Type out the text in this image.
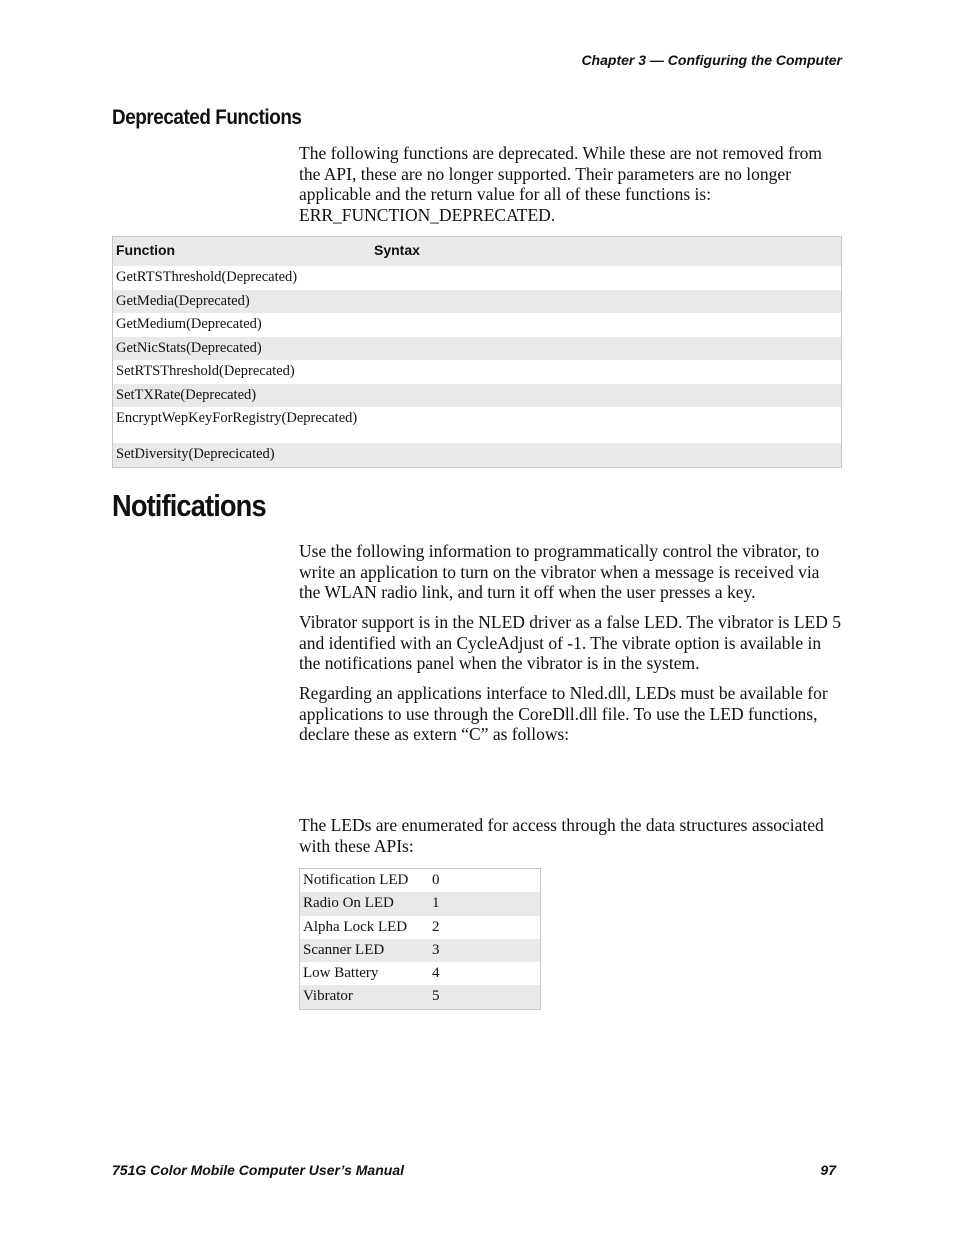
Chapter 3 — Configuring the Computer
Deprecated Functions

The following functions are deprecated. While these are not removed from the API, these are no longer supported. Their parameters are no longer applicable and the return value for all of these functions is: ERR_FUNCTION_DEPRECATED.

Function	Syntax
GetRTSThreshold(Deprecated)
GetMedia(Deprecated)
GetMedium(Deprecated)
GetNicStats(Deprecated)
SetRTSThreshold(Deprecated)
SetTXRate(Deprecated)
EncryptWepKeyForRegistry(Deprecated)
SetDiversity(Deprecicated)
Notifications

Use the following information to programmatically control the vibrator, to write an application to turn on the vibrator when a message is received via the WLAN radio link, and turn it off when the user presses a key.

Vibrator support is in the NLED driver as a false LED. The vibrator is LED 5 and identified with an CycleAdjust of -1. The vibrate option is available in the notifications panel when the vibrator is in the system.

Regarding an applications interface to Nled.dll, LEDs must be available for applications to use through the CoreDll.dll file. To use the LED functions, declare these as extern “C” as follows:

The LEDs are enumerated for access through the data structures associated with these APIs:

Notification LED 0
Radio On LED	1
Alpha Lock LED 2
Scanner LED	3
Low Battery	4
Vibrator	5
751G Color Mobile Computer User’s Manual	97
